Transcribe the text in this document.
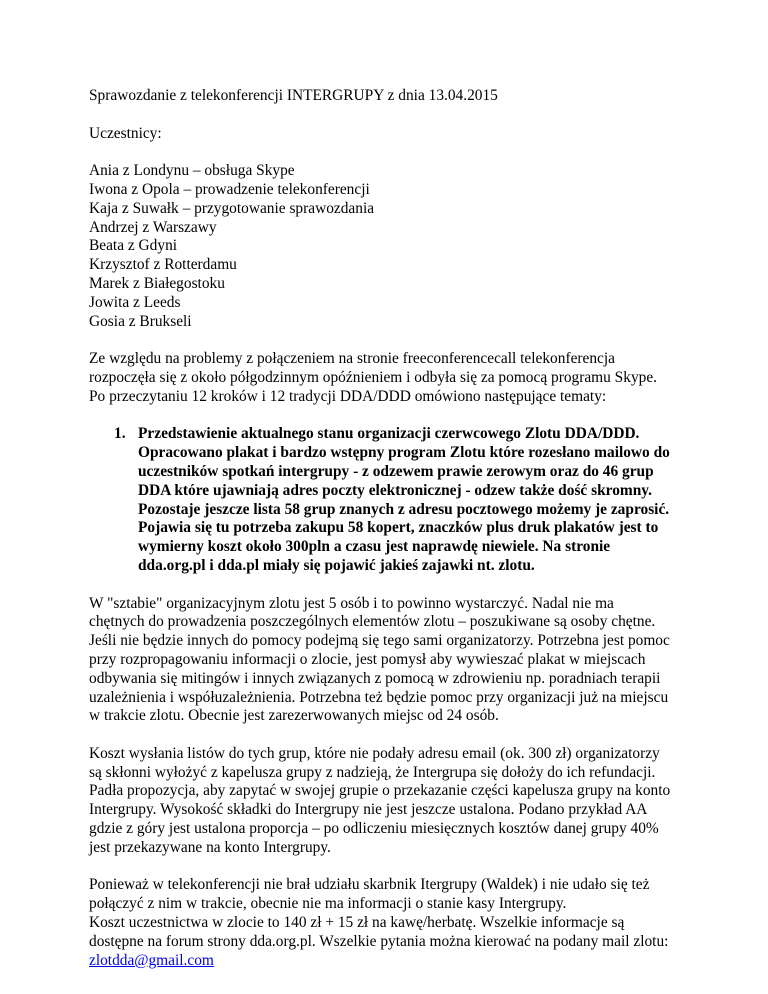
Sprawozdanie z telekonferencji INTERGRUPY z dnia 13.04.2015

Uczestnicy:

Ania z Londynu – obsługa Skype
Iwona z Opola – prowadzenie telekonferencji
Kaja z Suwałk – przygotowanie sprawozdania
Andrzej z Warszawy
Beata z Gdyni
Krzysztof z Rotterdamu
Marek z Białegostoku
Jowita z Leeds
Gosia z Brukseli

Ze względu na problemy z połączeniem na stronie freeconferencecall telekonferencja
rozpoczęła się z około półgodzinnym opóźnieniem i odbyła się za pomocą programu Skype.
Po przeczytaniu 12 kroków i 12 tradycji DDA/DDD omówiono następujące tematy:

1. Przedstawienie aktualnego stanu organizacji czerwcowego Zlotu DDA/DDD.
Opracowano plakat i bardzo wstępny program Zlotu które rozesłano mailowo do
uczestników spotkań intergrupy - z odzewem prawie zerowym oraz do 46 grup
DDA które ujawniają adres poczty elektronicznej - odzew także dość skromny.
Pozostaje jeszcze lista 58 grup znanych z adresu pocztowego możemy je zaprosić.
Pojawia się tu potrzeba zakupu 58 kopert, znaczków plus druk plakatów jest to
wymierny koszt około 300pln a czasu jest naprawdę niewiele. Na stronie
dda.org.pl i dda.pl miały się pojawić jakieś zajawki nt. zlotu.

W "sztabie" organizacyjnym zlotu jest 5 osób i to powinno wystarczyć. Nadal nie ma
chętnych do prowadzenia poszczególnych elementów zlotu – poszukiwane są osoby chętne.
Jeśli nie będzie innych do pomocy podejmą się tego sami organizatorzy. Potrzebna jest pomoc
przy rozpropagowaniu informacji o zlocie, jest pomysł aby wywieszać plakat w miejscach
odbywania się mitingów i innych związanych z pomocą w zdrowieniu np. poradniach terapii
uzależnienia i współuzależnienia. Potrzebna też będzie pomoc przy organizacji już na miejscu
w trakcie zlotu. Obecnie jest zarezerwowanych miejsc od 24 osób.

Koszt wysłania listów do tych grup, które nie podały adresu email (ok. 300 zł) organizatorzy
są skłonni wyłożyć z kapelusza grupy z nadzieją, że Intergrupa się dołoży do ich refundacji.
Padła propozycja, aby zapytać w swojej grupie o przekazanie części kapelusza grupy na konto
Intergrupy. Wysokość składki do Intergrupy nie jest jeszcze ustalona. Podano przykład AA
gdzie z góry jest ustalona proporcja – po odliczeniu miesięcznych kosztów danej grupy 40%
jest przekazywane na konto Intergrupy.

Ponieważ w telekonferencji nie brał udziału skarbnik Itergrupy (Waldek) i nie udało się też
połączyć z nim w trakcie, obecnie nie ma informacji o stanie kasy Intergrupy.
Koszt uczestnictwa w zlocie to 140 zł + 15 zł na kawę/herbatę. Wszelkie informacje są
dostępne na forum strony dda.org.pl. Wszelkie pytania można kierować na podany mail zlotu:
zlotdda@gmail.com
